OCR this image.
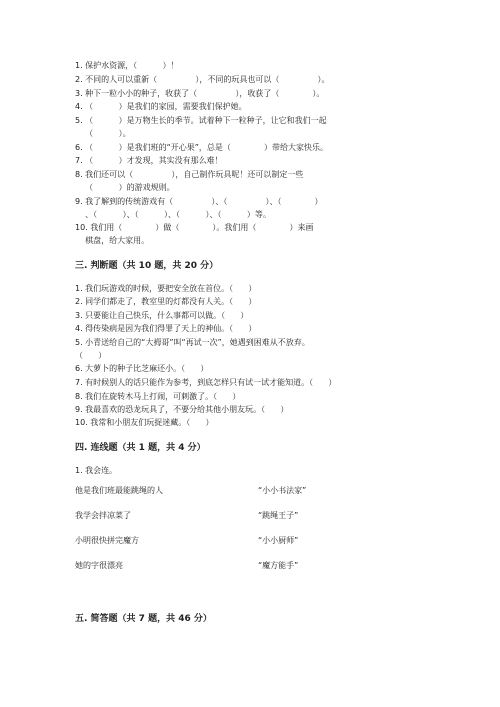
1. 保护水资源，（          ）！
2. 不同的人可以重新（               ），不同的玩具也可以（               ）。
3. 种下一粒小小的种子，收获了（               ），收获了（             ）。
4. （          ）是我们的家园，需要我们保护她。
5. （          ）是万物生长的季节。试着种下一粒种子，让它和我们一起
（          ）。
6. （          ）是我们班的“开心果”，总是（             ）带给大家快乐。
7. （          ）才发现，其实没有那么难！
8. 我们还可以（               ），自己制作玩具呢！还可以制定一些
（          ）的游戏规则。
9. 我了解到的传统游戏有（               ）、（               ）、（             ）
、（          ）、（          ）、（          ）、（          ）等。
10. 我们用（             ）做（             ）。我们用（             ）来画
棋盘，给大家用。
三. 判断题（共 10 题，共 20 分）
1. 我们玩游戏的时候，要把安全放在首位。（      ）
2. 同学们都走了，教室里的灯都没有人关。（      ）
3. 只要能让自己快乐，什么事都可以做。（      ）
4. 得传染病是因为我们得罪了天上的神仙。（      ）
5. 小青送给自己的“大拇哥”叫“再试一次”，她遇到困难从不放弃。
（      ）
6. 大萝卜的种子比芝麻还小。（      ）
7. 有时候别人的话只能作为参考，到底怎样只有试一试才能知道。（      ）
8. 我们在旋转木马上打闹，可刺激了。（      ）
9. 我最喜欢的恐龙玩具了，不要分给其他小朋友玩。（      ）
10. 我常和小朋友们玩捉迷藏。（      ）
四. 连线题（共 1 题，共 4 分）
1. 我会连。
他是我们班最能跳绳的人	“小小书法家”
我学会拌凉菜了	“跳绳王子”
小明很快拼完魔方	“小小厨师”
她的字很漂亮	“魔方能手”
五. 简答题（共 7 题，共 46 分）
